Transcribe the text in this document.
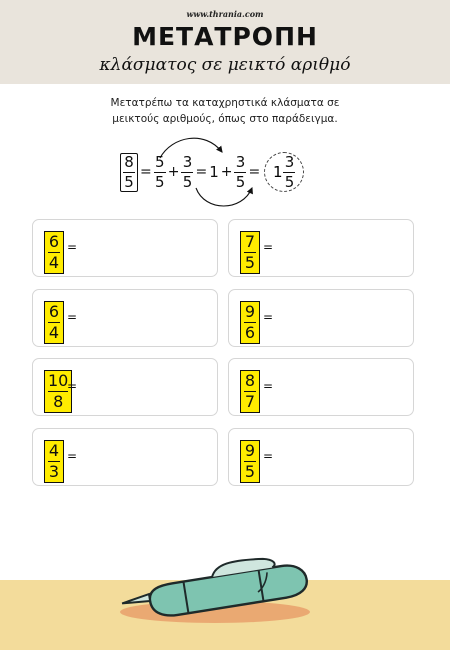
www.thrania.com
ΜΕΤΑΤΡΟΠΗ
κλάσματος σε μεικτό αριθμό
Μετατρέπω τα καταχρηστικά κλάσματα σε
μεικτούς αριθμούς, όπως στο παράδειγμα.
$\frac{8}{5} = \frac{5}{5} + \frac{3}{5} = 1 + \frac{3}{5} = 1 \frac{3}{5}$
6
4
=	7
5
=
6
4
=	9
6
=
10
8
=	8
7
=
4
3
=	9
5
=
